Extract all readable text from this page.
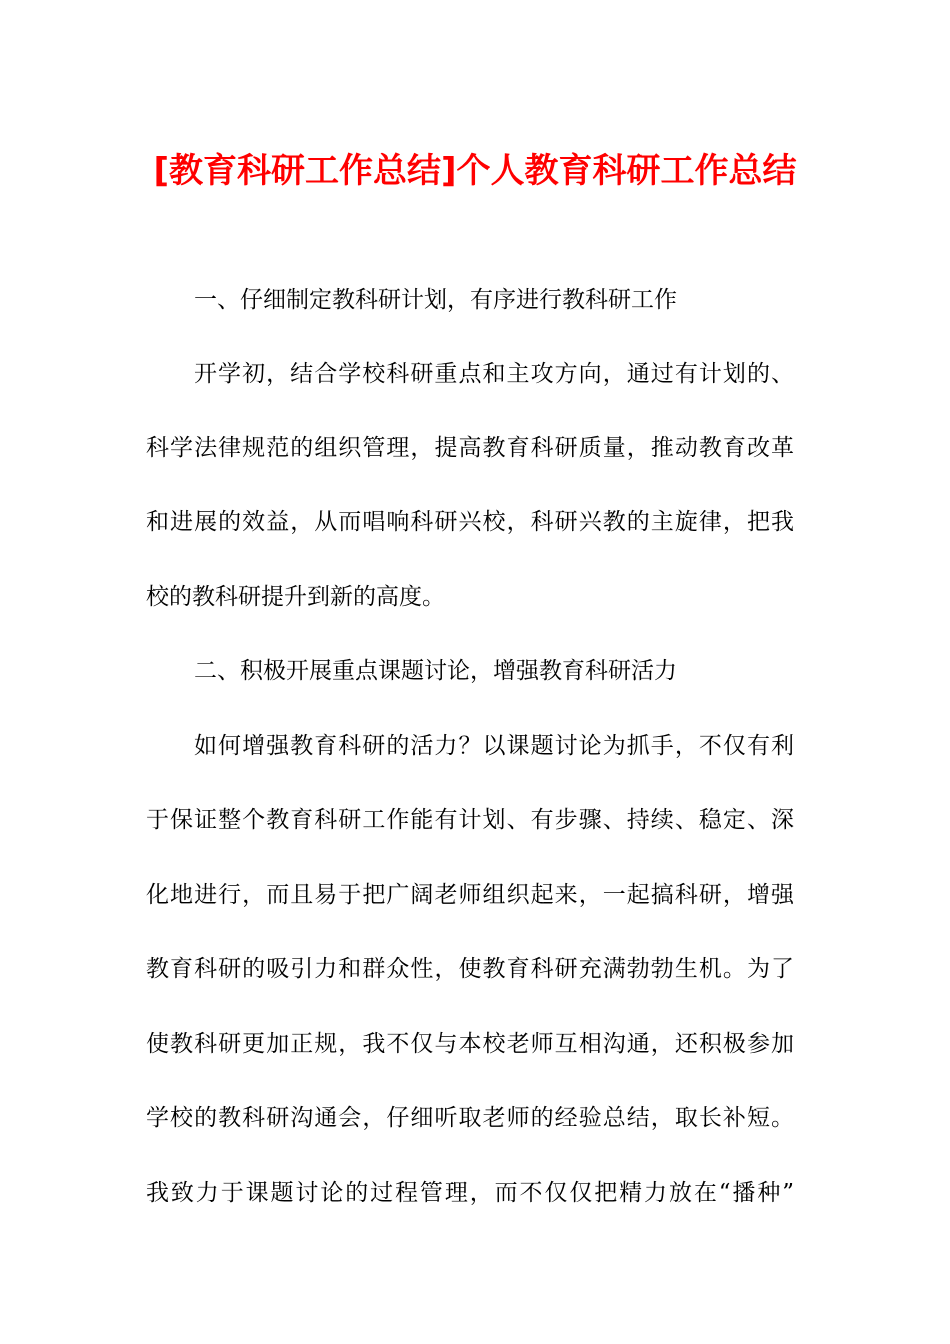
[教育科研工作总结]个人教育科研工作总结
一、仔细制定教科研计划，有序进行教科研工作
开学初，结合学校科研重点和主攻方向，通过有计划的、
科学法律规范的组织管理，提高教育科研质量，推动教育改革
和进展的效益，从而唱响科研兴校，科研兴教的主旋律，把我
校的教科研提升到新的高度。
二、积极开展重点课题讨论，增强教育科研活力
如何增强教育科研的活力？以课题讨论为抓手，不仅有利
于保证整个教育科研工作能有计划、有步骤、持续、稳定、深
化地进行，而且易于把广阔老师组织起来，一起搞科研，增强
教育科研的吸引力和群众性，使教育科研充满勃勃生机。为了
使教科研更加正规，我不仅与本校老师互相沟通，还积极参加
学校的教科研沟通会，仔细听取老师的经验总结，取长补短。
我致力于课题讨论的过程管理，而不仅仅把精力放在“播种”
